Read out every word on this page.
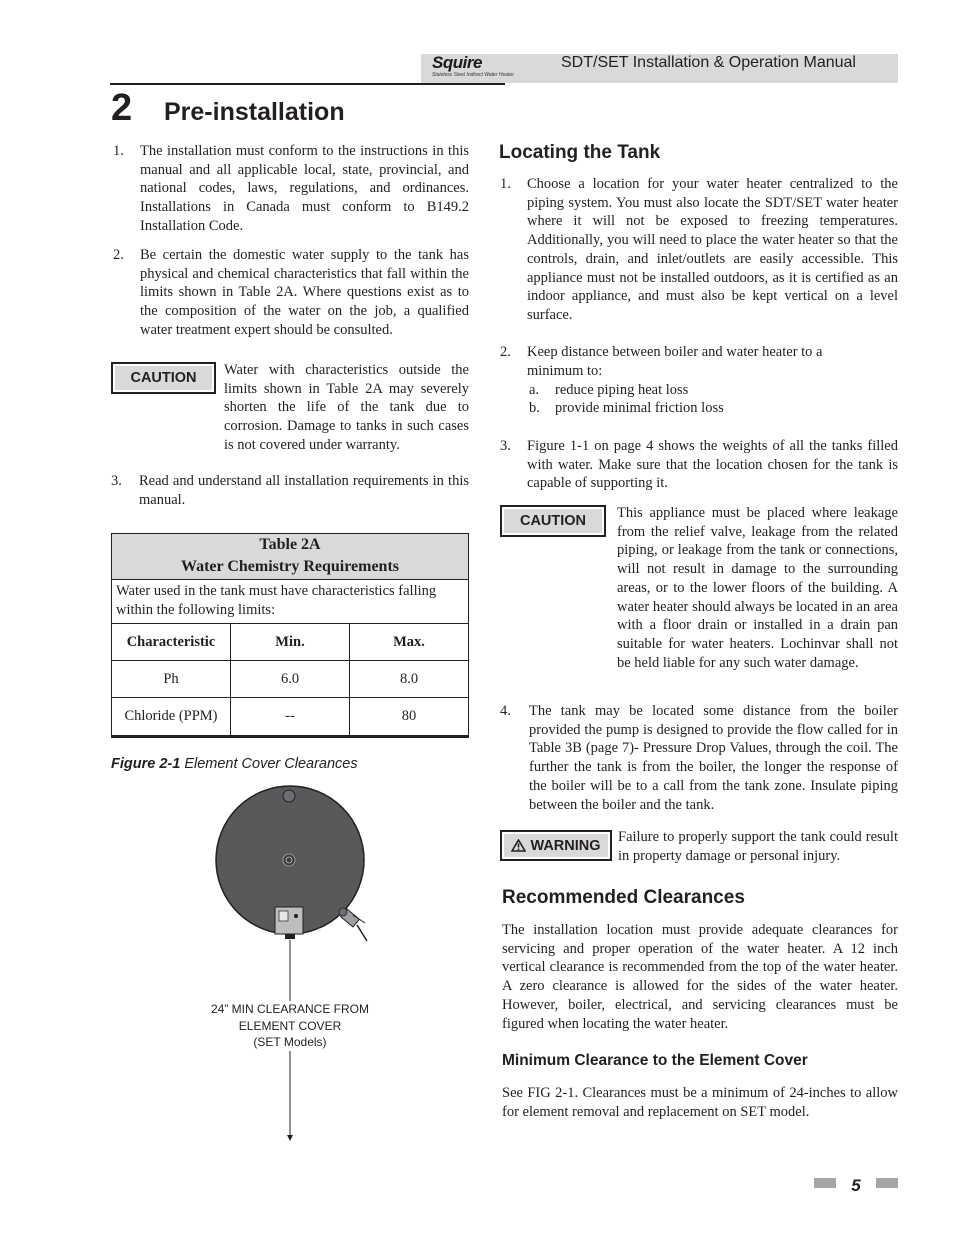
Squire
Stainless Steel Indirect Water Heater
SDT/SET Installation & Operation Manual
2 Pre-installation
1. The installation must conform to the instructions in this manual and all applicable local, state, provincial, and national codes, laws, regulations, and ordinances. Installations in Canada must conform to B149.2 Installation Code.
2. Be certain the domestic water supply to the tank has physical and chemical characteristics that fall within the limits shown in Table 2A. Where questions exist as to the composition of the water on the job, a qualified water treatment expert should be consulted.
CAUTION	Water with characteristics outside the limits shown in Table 2A may severely shorten the life of the tank due to corrosion. Damage to tanks in such cases is not covered under warranty.
3. Read and understand all installation requirements in this manual.
Table 2A
Water Chemistry Requirements
Water used in the tank must have characteristics falling within the following limits:
Characteristic	Min.	Max.
Ph	6.0	8.0
Chloride (PPM)	--	80
Figure 2-1 Element Cover Clearances
24” MIN CLEARANCE FROM
ELEMENT COVER
(SET Models)
Locating the Tank
1. Choose a location for your water heater centralized to the piping system. You must also locate the SDT/SET water heater where it will not be exposed to freezing temperatures. Additionally, you will need to place the water heater so that the controls, drain, and inlet/outlets are easily accessible. This appliance must not be installed outdoors, as it is certified as an indoor appliance, and must also be kept vertical on a level surface.
2. Keep distance between boiler and water heater to a minimum to:
a. reduce piping heat loss
b. provide minimal friction loss
3. Figure 1-1 on page 4 shows the weights of all the tanks filled with water. Make sure that the location chosen for the tank is capable of supporting it.
CAUTION	This appliance must be placed where leakage from the relief valve, leakage from the related piping, or leakage from the tank or connections, will not result in damage to the surrounding areas, or to the lower floors of the building. A water heater should always be located in an area with a floor drain or installed in a drain pan suitable for water heaters. Lochinvar shall not be held liable for any such water damage.
4. The tank may be located some distance from the boiler provided the pump is designed to provide the flow called for in Table 3B (page 7)- Pressure Drop Values, through the coil. The further the tank is from the boiler, the longer the response of the boiler will be to a call from the tank zone. Insulate piping between the boiler and the tank.
WARNING
Failure to properly support the tank could result in property damage or personal injury.
Recommended Clearances
The installation location must provide adequate clearances for servicing and proper operation of the water heater. A 12 inch vertical clearance is recommended from the top of the water heater. A zero clearance is allowed for the sides of the water heater. However, boiler, electrical, and servicing clearances must be figured when locating the water heater.
Minimum Clearance to the Element Cover
See FIG 2-1. Clearances must be a minimum of 24-inches to allow for element removal and replacement on SET model.
5
